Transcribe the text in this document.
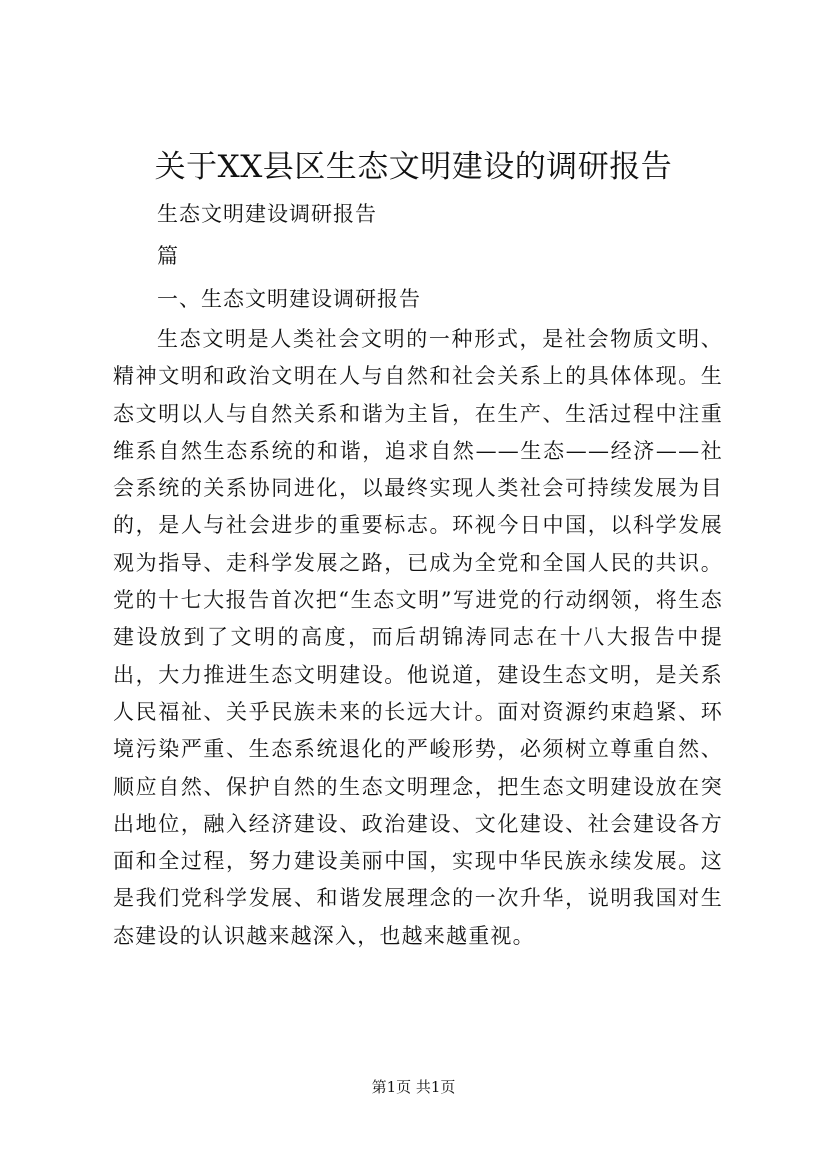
关于XX县区生态文明建设的调研报告
生态文明建设调研报告
篇
一、生态文明建设调研报告

生态文明是人类社会文明的一种形式，是社会物质文明、精神文明和政治文明在人与自然和社会关系上的具体体现。生态文明以人与自然关系和谐为主旨，在生产、生活过程中注重维系自然生态系统的和谐，追求自然——生态——经济——社会系统的关系协同进化，以最终实现人类社会可持续发展为目的，是人与社会进步的重要标志。环视今日中国，以科学发展观为指导、走科学发展之路，已成为全党和全国人民的共识。党的十七大报告首次把“生态文明”写进党的行动纲领，将生态建设放到了文明的高度，而后胡锦涛同志在十八大报告中提出，大力推进生态文明建设。他说道，建设生态文明，是关系人民福祉、关乎民族未来的长远大计。面对资源约束趋紧、环境污染严重、生态系统退化的严峻形势，必须树立尊重自然、顺应自然、保护自然的生态文明理念，把生态文明建设放在突出地位，融入经济建设、政治建设、文化建设、社会建设各方面和全过程，努力建设美丽中国，实现中华民族永续发展。这是我们党科学发展、和谐发展理念的一次升华，说明我国对生态建设的认识越来越深入，也越来越重视。

第1页 共1页
